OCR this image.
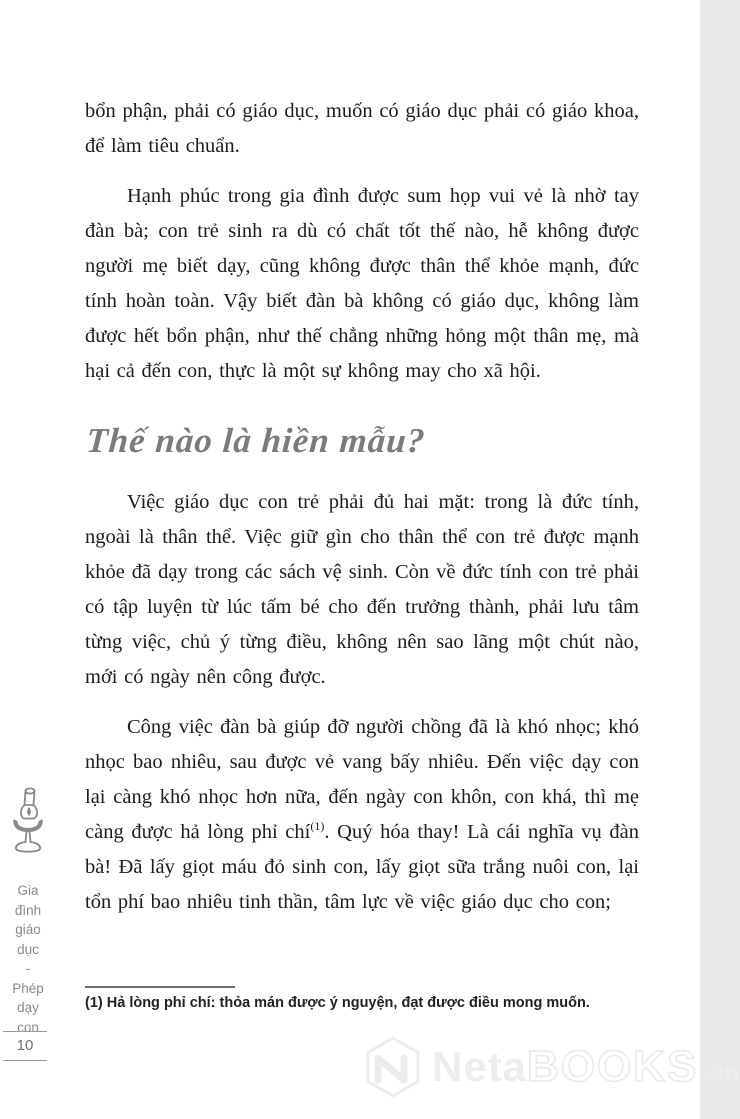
bổn phận, phải có giáo dục, muốn có giáo dục phải có giáo khoa, để làm tiêu chuẩn.

Hạnh phúc trong gia đình được sum họp vui vẻ là nhờ tay đàn bà; con trẻ sinh ra dù có chất tốt thế nào, hễ không được người mẹ biết dạy, cũng không được thân thể khỏe mạnh, đức tính hoàn toàn. Vậy biết đàn bà không có giáo dục, không làm được hết bổn phận, như thế chẳng những hỏng một thân mẹ, mà hại cả đến con, thực là một sự không may cho xã hội.

Thế nào là hiền mẫu?

Việc giáo dục con trẻ phải đủ hai mặt: trong là đức tính, ngoài là thân thể. Việc giữ gìn cho thân thể con trẻ được mạnh khỏe đã dạy trong các sách vệ sinh. Còn về đức tính con trẻ phải có tập luyện từ lúc tấm bé cho đến trưởng thành, phải lưu tâm từng việc, chủ ý từng điều, không nên sao lãng một chút nào, mới có ngày nên công được.

Công việc đàn bà giúp đỡ người chồng đã là khó nhọc; khó nhọc bao nhiêu, sau được vẻ vang bấy nhiêu. Đến việc dạy con lại càng khó nhọc hơn nữa, đến ngày con khôn, con khá, thì mẹ càng được hả lòng phỉ chí$^{(1)}$. Quý hóa thay! Là cái nghĩa vụ đàn bà! Đã lấy giọt máu đỏ sinh con, lấy giọt sữa trắng nuôi con, lại tổn phí bao nhiêu tinh thần, tâm lực về việc giáo dục cho con;

(1) Hả lòng phỉ chí: thỏa mán được ý nguyện, đạt được điều mong muốn.
Gia
đình
giáo
dục
-
Phép
dạy
con
10	Neta BOOKS .vn
